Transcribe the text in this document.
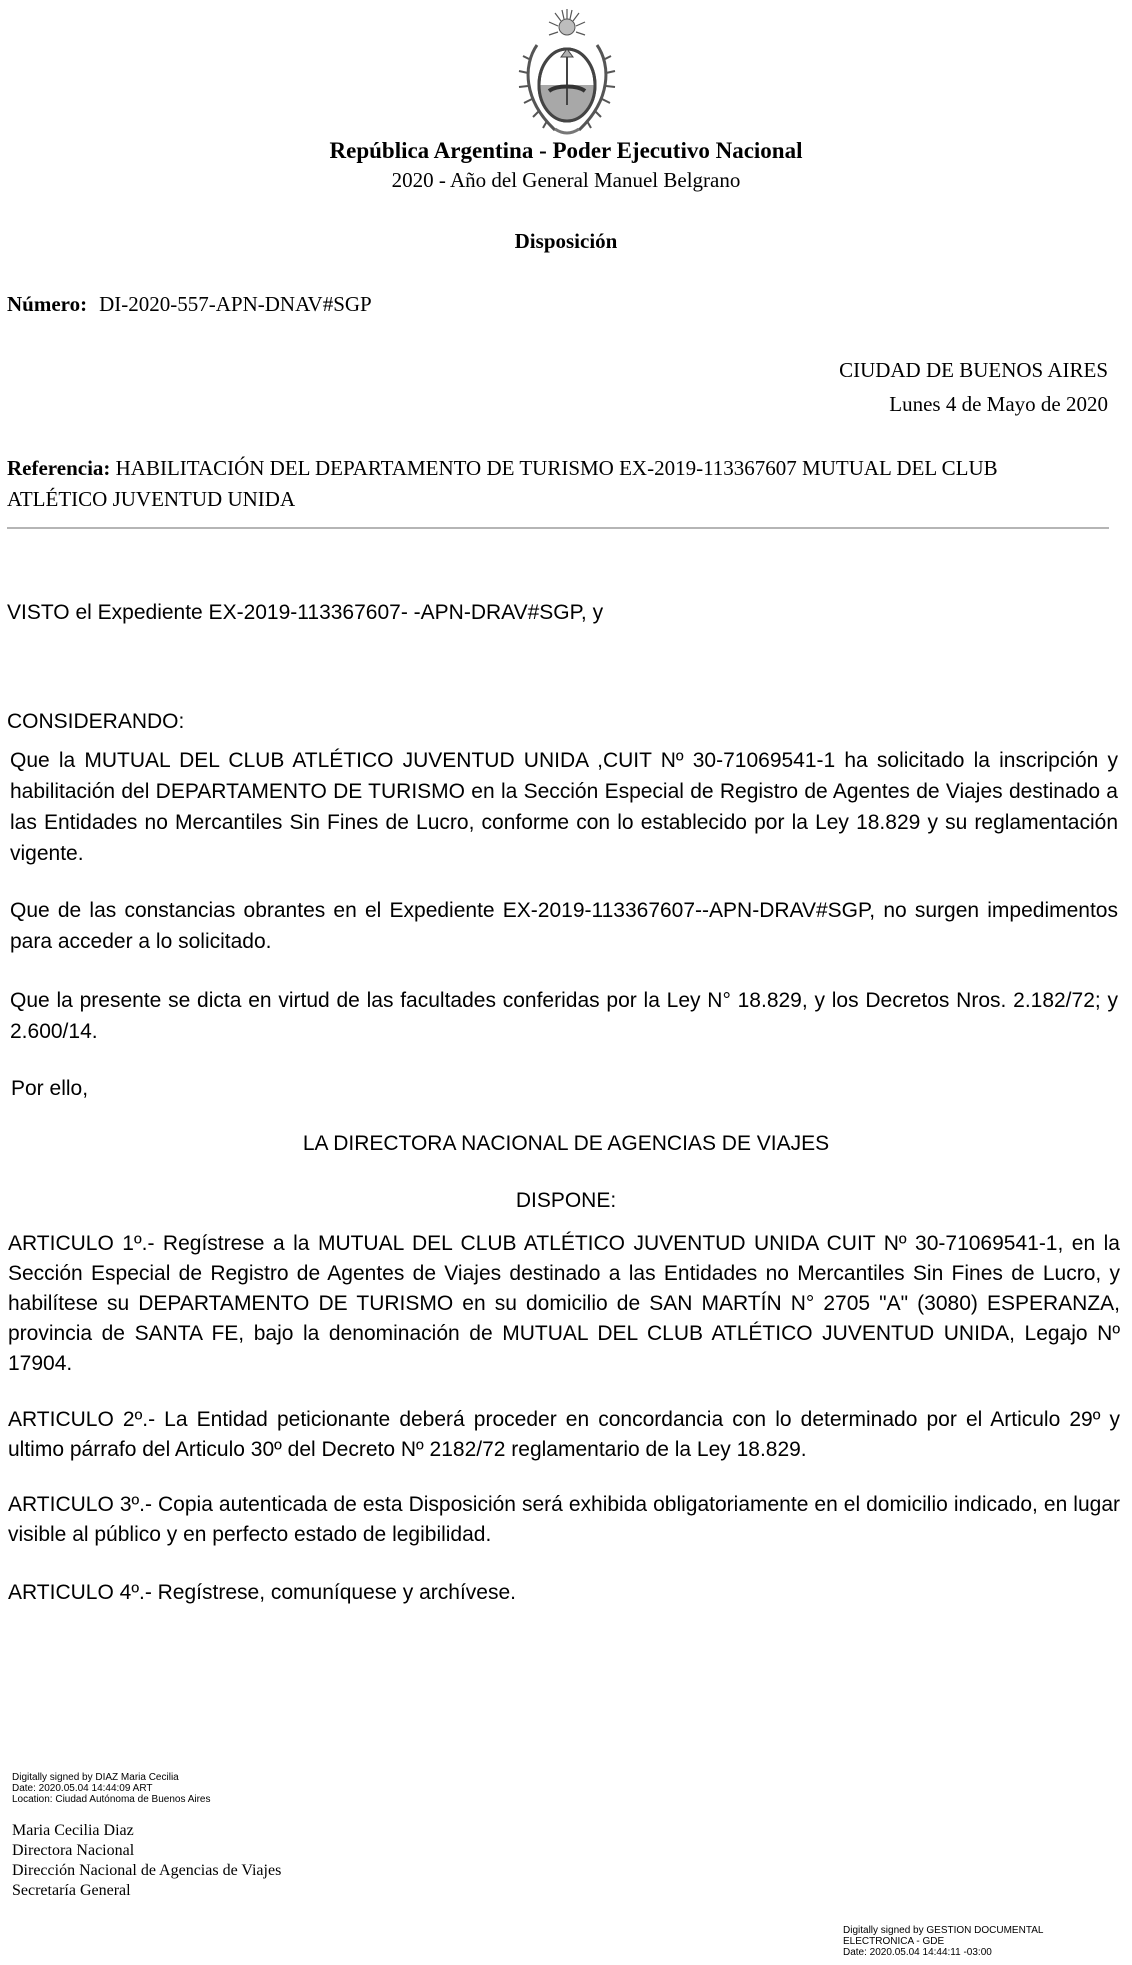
República Argentina - Poder Ejecutivo Nacional
2020 - Año del General Manuel Belgrano
Disposición
Número: DI-2020-557-APN-DNAV#SGP
CIUDAD DE BUENOS AIRES
Lunes 4 de Mayo de 2020
Referencia: HABILITACIÓN DEL DEPARTAMENTO DE TURISMO EX-2019-113367607 MUTUAL DEL CLUB ATLÉTICO JUVENTUD UNIDA
VISTO el Expediente EX-2019-113367607- -APN-DRAV#SGP, y
CONSIDERANDO:
Que la MUTUAL DEL CLUB ATLÉTICO JUVENTUD UNIDA ,CUIT Nº 30-71069541-1 ha solicitado la inscripción y habilitación del DEPARTAMENTO DE TURISMO en la Sección Especial de Registro de Agentes de Viajes destinado a las Entidades no Mercantiles Sin Fines de Lucro, conforme con lo establecido por la Ley 18.829 y su reglamentación vigente.
Que de las constancias obrantes en el Expediente EX-2019-113367607--APN-DRAV#SGP, no surgen impedimentos para acceder a lo solicitado.
Que la presente se dicta en virtud de las facultades conferidas por la Ley N° 18.829, y los Decretos Nros. 2.182/72; y 2.600/14.
Por ello,
LA DIRECTORA NACIONAL DE AGENCIAS DE VIAJES
DISPONE:
ARTICULO 1º.- Regístrese a la MUTUAL DEL CLUB ATLÉTICO JUVENTUD UNIDA CUIT Nº 30-71069541-1, en la Sección Especial de Registro de Agentes de Viajes destinado a las Entidades no Mercantiles Sin Fines de Lucro, y habilítese su DEPARTAMENTO DE TURISMO en su domicilio de SAN MARTÍN N° 2705 "A" (3080) ESPERANZA, provincia de SANTA FE, bajo la denominación de MUTUAL DEL CLUB ATLÉTICO JUVENTUD UNIDA, Legajo Nº 17904.
ARTICULO 2º.- La Entidad peticionante deberá proceder en concordancia con lo determinado por el Articulo 29º y ultimo párrafo del Articulo 30º del Decreto Nº 2182/72 reglamentario de la Ley 18.829.
ARTICULO 3º.- Copia autenticada de esta Disposición será exhibida obligatoriamente en el domicilio indicado, en lugar visible al público y en perfecto estado de legibilidad.
ARTICULO 4º.- Regístrese, comuníquese y archívese.
Digitally signed by DIAZ Maria Cecilia
Date: 2020.05.04 14:44:09 ART
Location: Ciudad Autónoma de Buenos Aires
Maria Cecilia Diaz
Directora Nacional
Dirección Nacional de Agencias de Viajes
Secretaría General
Digitally signed by GESTION DOCUMENTAL
ELECTRONICA - GDE
Date: 2020.05.04 14:44:11 -03:00
